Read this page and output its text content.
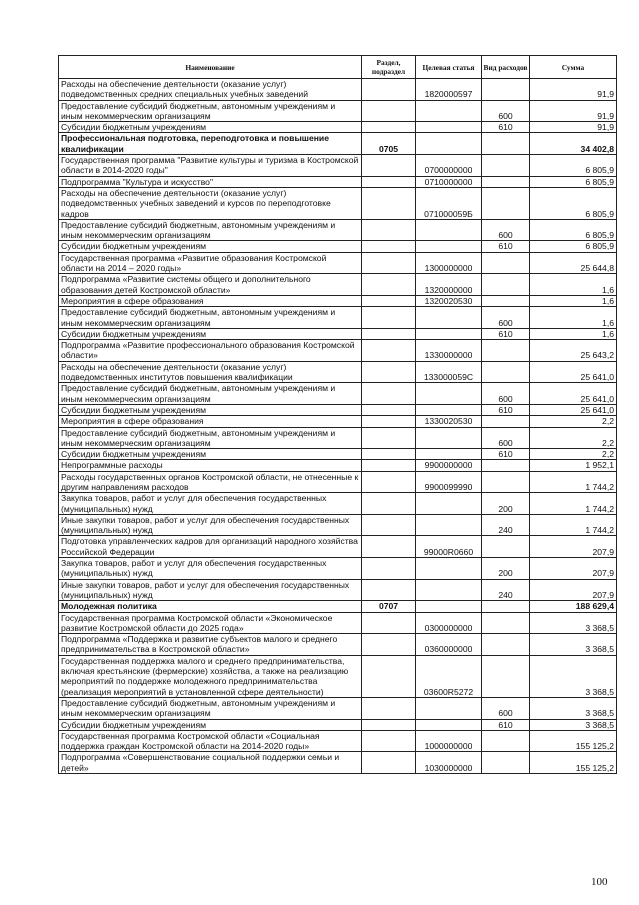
Наименование	Раздел, подраздел	Целевая статья	Вид расходов	Сумма
Расходы на обеспечение деятельности (оказание услуг) подведомственных средних специальных учебных заведений		1820000597		91,9
Предоставление субсидий бюджетным, автономным учреждениям и иным некоммерческим организациям			600	91,9
Субсидии бюджетным учреждениям			610	91,9
Профессиональная подготовка, переподготовка и повышение квалификации	0705			34 402,8
Государственная программа "Развитие культуры и туризма в Костромской области в 2014-2020 годы"		0700000000		6 805,9
Подпрограмма "Культура и искусство"		0710000000		6 805,9
Расходы на обеспечение деятельности (оказание услуг) подведомственных учебных заведений и курсов по переподготовке кадров		071000059Б		6 805,9
Предоставление субсидий бюджетным, автономным учреждениям и иным некоммерческим организациям			600	6 805,9
Субсидии бюджетным учреждениям			610	6 805,9
Государственная программа «Развитие образования Костромской области на 2014 – 2020 годы»		1300000000		25 644,8
Подпрограмма «Развитие системы общего и дополнительного образования детей Костромской области»		1320000000		1,6
Мероприятия в сфере образования		1320020530		1,6
Предоставление субсидий бюджетным, автономным учреждениям и иным некоммерческим организациям			600	1,6
Субсидии бюджетным учреждениям			610	1,6
Подпрограмма «Развитие профессионального образования Костромской области»		1330000000		25 643,2
Расходы на обеспечение деятельности (оказание услуг) подведомственных институтов повышения квалификации		133000059С		25 641,0
Предоставление субсидий бюджетным, автономным учреждениям и иным некоммерческим организациям			600	25 641,0
Субсидии бюджетным учреждениям			610	25 641,0
Мероприятия в сфере образования		1330020530		2,2
Предоставление субсидий бюджетным, автономным учреждениям и иным некоммерческим организациям			600	2,2
Субсидии бюджетным учреждениям			610	2,2
Непрограммные расходы		9900000000		1 952,1
Расходы государственных органов Костромской области, не отнесенные к другим направлениям расходов		9900099990		1 744,2
Закупка товаров, работ и услуг для обеспечения государственных (муниципальных) нужд			200	1 744,2
Иные закупки товаров, работ и услуг для обеспечения государственных (муниципальных) нужд			240	1 744,2
Подготовка управленческих кадров для организаций народного хозяйства Российской Федерации		99000R0660		207,9
Закупка товаров, работ и услуг для обеспечения государственных (муниципальных) нужд			200	207,9
Иные закупки товаров, работ и услуг для обеспечения государственных (муниципальных) нужд			240	207,9
Молодежная политика	0707			188 629,4
Государственная программа Костромской области «Экономическое развитие Костромской области до 2025 года»		0300000000		3 368,5
Подпрограмма «Поддержка и развитие субъектов малого и среднего предпринимательства в Костромской области»		0360000000		3 368,5
Государственная поддержка малого и среднего предпринимательства, включая крестьянские (фермерские) хозяйства, а также на реализацию мероприятий по поддержке молодежного предпринимательства (реализация мероприятий в установленной сфере деятельности)		03600R5272		3 368,5
Предоставление субсидий бюджетным, автономным учреждениям и иным некоммерческим организациям			600	3 368,5
Субсидии бюджетным учреждениям			610	3 368,5
Государственная программа Костромской области «Социальная поддержка граждан Костромской области на 2014-2020 годы»		1000000000		155 125,2
Подпрограмма «Совершенствование социальной поддержки семьи и детей»		1030000000		155 125,2
100
